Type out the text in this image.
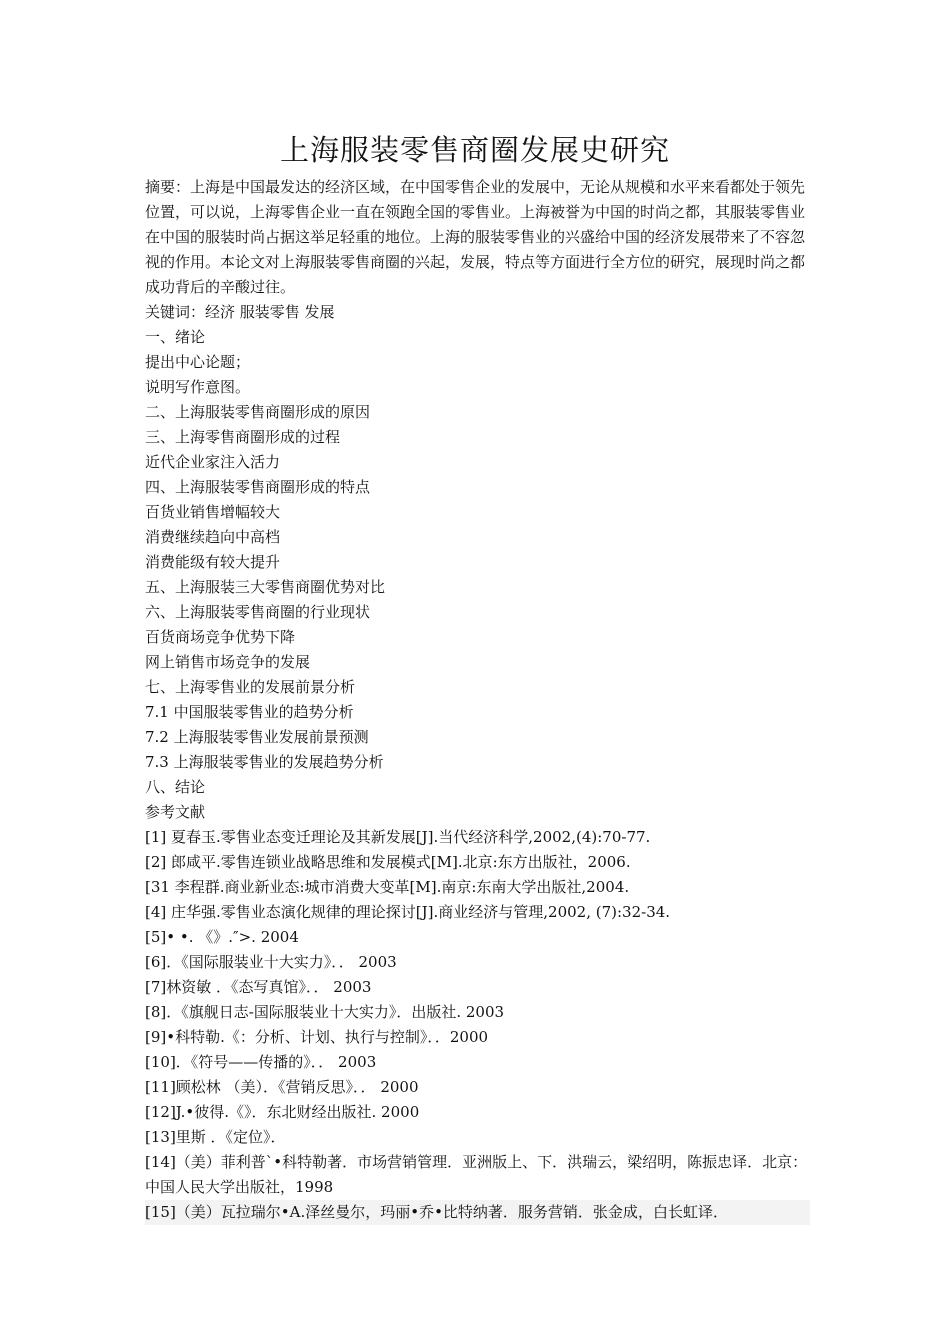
上海服装零售商圈发展史研究

摘要：上海是中国最发达的经济区域，在中国零售企业的发展中，无论从规模和水平来看都处于领先位置，可以说，上海零售企业一直在领跑全国的零售业。上海被誉为中国的时尚之都，其服装零售业在中国的服装时尚占据这举足轻重的地位。上海的服装零售业的兴盛给中国的经济发展带来了不容忽视的作用。本论文对上海服装零售商圈的兴起，发展，特点等方面进行全方位的研究，展现时尚之都成功背后的辛酸过往。

关键词：经济 服装零售 发展
一、绪论
提出中心论题；
说明写作意图。
二、上海服装零售商圈形成的原因
三、上海零售商圈形成的过程
近代企业家注入活力
四、上海服装零售商圈形成的特点
百货业销售增幅较大
消费继续趋向中高档
消费能级有较大提升
五、上海服装三大零售商圈优势对比
六、上海服装零售商圈的行业现状
百货商场竞争优势下降
网上销售市场竞争的发展
七、上海零售业的发展前景分析
7.1 中国服装零售业的趋势分析
7.2 上海服装零售业发展前景预测
7.3 上海服装零售业的发展趋势分析
八、结论
参考文献
[1] 夏春玉.零售业态变迁理论及其新发展[J].当代经济科学,2002,(4):70-77.
[2] 郎咸平.零售连锁业战略思维和发展模式[M].北京:东方出版社，2006.
[31 李程群.商业新业态:城市消费大变革[M].南京:东南大学出版社,2004.
[4] 庄华强.零售业态演化规律的理论探讨[J].商业经济与管理,2002, (7):32-34.
[5]• •. 《》.″>. 2004
[6]．《国际服装业十大实力》．． 2003
[7]林资敏 ．《态写真馆》．． 2003
[8]．《旗舰日志-国际服装业十大实力》．出版社. 2003
[9]•科特勒.《：分析、计划、执行与控制》．．2000
[10]．《符号——传播的》．． 2003
[11]顾松林 （美）．《营销反思》．． 2000
[12]J.•彼得.《》．东北财经出版社. 2000
[13]里斯 ．《定位》．
[14]（美）菲利普`•科特勒著．市场营销管理．亚洲版上、下．洪瑞云，梁绍明，陈振忠译．北京：中国人民大学出版社，1998
[15]（美）瓦拉瑞尔•A.泽丝曼尔，玛丽•乔•比特纳著．服务营销．张金成，白长虹译．
